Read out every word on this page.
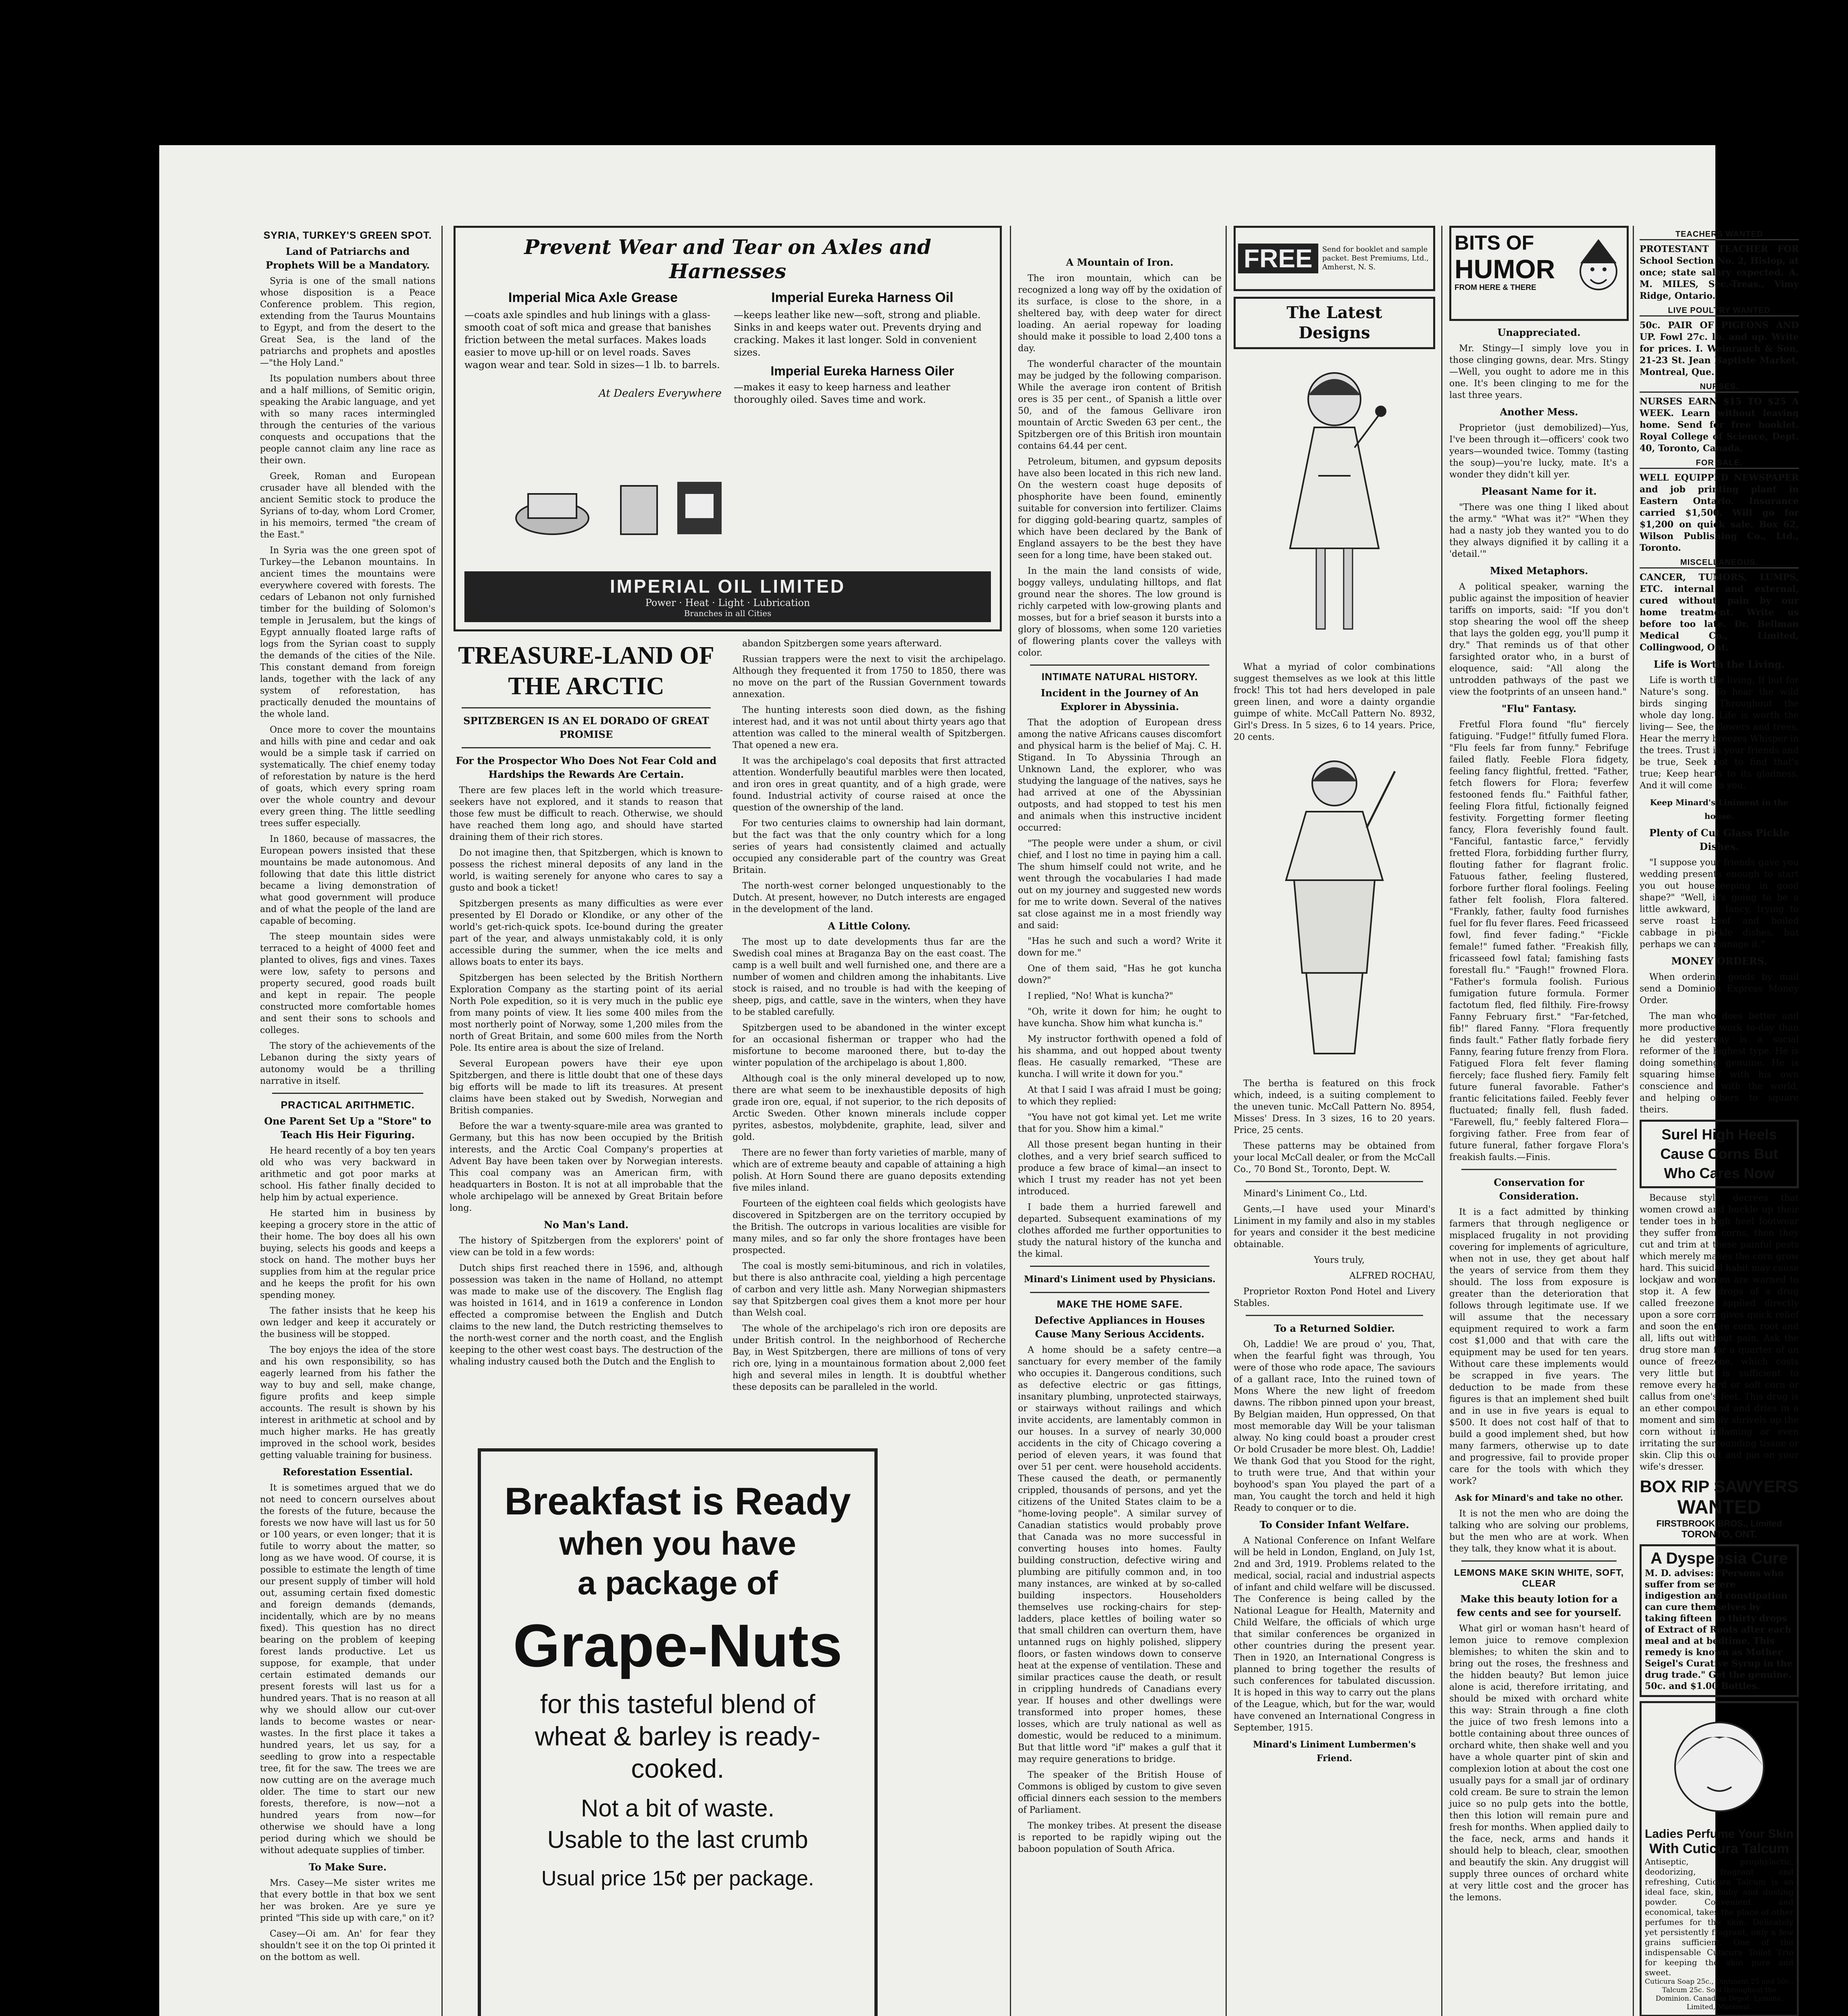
SYRIA, TURKEY'S GREEN SPOT.
Land of Patriarchs and Prophets Will be a Mandatory.

Syria is one of the small nations whose disposition is a Peace Conference problem. This region, extending from the Taurus Mountains to Egypt, and from the desert to the Great Sea, is the land of the patriarchs and prophets and apostles—"the Holy Land."

Its population numbers about three and a half millions, of Semitic origin, speaking the Arabic language, and yet with so many races intermingled through the centuries of the various conquests and occupations that the people cannot claim any line race as their own.

Greek, Roman and European crusader have all blended with the ancient Semitic stock to produce the Syrians of to-day, whom Lord Cromer, in his memoirs, termed "the cream of the East."

In Syria was the one green spot of Turkey—the Lebanon mountains. In ancient times the mountains were everywhere covered with forests. The cedars of Lebanon not only furnished timber for the building of Solomon's temple in Jerusalem, but the kings of Egypt annually floated large rafts of logs from the Syrian coast to supply the demands of the cities of the Nile. This constant demand from foreign lands, together with the lack of any system of reforestation, has practically denuded the mountains of the whole land.

Once more to cover the mountains and hills with pine and cedar and oak would be a simple task if carried on systematically. The chief enemy today of reforestation by nature is the herd of goats, which every spring roam over the whole country and devour every green thing. The little seedling trees suffer especially.

In 1860, because of massacres, the European powers insisted that these mountains be made autonomous. And following that date this little district became a living demonstration of what good government will produce and of what the people of the land are capable of becoming.

The steep mountain sides were terraced to a height of 4000 feet and planted to olives, figs and vines. Taxes were low, safety to persons and property secured, good roads built and kept in repair. The people constructed more comfortable homes and sent their sons to schools and colleges.

The story of the achievements of the Lebanon during the sixty years of autonomy would be a thrilling narrative in itself.

PRACTICAL ARITHMETIC.
One Parent Set Up a "Store" to Teach His Heir Figuring.

He heard recently of a boy ten years old who was very backward in arithmetic and got poor marks at school. His father finally decided to help him by actual experience.

He started him in business by keeping a grocery store in the attic of their home. The boy does all his own buying, selects his goods and keeps a stock on hand. The mother buys her supplies from him at the regular price and he keeps the profit for his own spending money.

The father insists that he keep his own ledger and keep it accurately or the business will be stopped.

The boy enjoys the idea of the store and his own responsibility, so has eagerly learned from his father the way to buy and sell, make change, figure profits and keep simple accounts. The result is shown by his interest in arithmetic at school and by much higher marks. He has greatly improved in the school work, besides getting valuable training for business.

Reforestation Essential.

It is sometimes argued that we do not need to concern ourselves about the forests of the future, because the forests we now have will last us for 50 or 100 years, or even longer; that it is futile to worry about the matter, so long as we have wood. Of course, it is possible to estimate the length of time our present supply of timber will hold out, assuming certain fixed domestic and foreign demands (demands, incidentally, which are by no means fixed). This question has no direct bearing on the problem of keeping forest lands productive. Let us suppose, for example, that under certain estimated demands our present forests will last us for a hundred years. That is no reason at all why we should allow our cut-over lands to become wastes or near-wastes. In the first place it takes a hundred years, let us say, for a seedling to grow into a respectable tree, fit for the saw. The trees we are now cutting are on the average much older. The time to start our new forests, therefore, is now—not a hundred years from now—for otherwise we should have a long period during which we should be without adequate supplies of timber.

To Make Sure.

Mrs. Casey—Me sister writes me that every bottle in that box we sent her was broken. Are ye sure ye printed "This side up with care," on it?

Casey—Oi am. An' for fear they shouldn't see it on the top Oi printed it on the bottom as well.

Prevent Wear and Tear on Axles and Harnesses
Imperial Mica Axle Grease
—coats axle spindles and hub linings with a glass-smooth coat of soft mica and grease that banishes friction between the metal surfaces. Makes loads easier to move up-hill or on level roads. Saves wagon wear and tear. Sold in sizes—1 lb. to barrels.
At Dealers Everywhere
Imperial Eureka Harness Oil
—keeps leather like new—soft, strong and pliable. Sinks in and keeps water out. Prevents drying and cracking. Makes it last longer. Sold in convenient sizes.
Imperial Eureka Harness Oiler
—makes it easy to keep harness and leather thoroughly oiled. Saves time and work.
IMPERIAL OIL LIMITED
Power · Heat · Light · Lubrication
Branches in all Cities
TREASURE-LAND OF THE ARCTIC
SPITZBERGEN IS AN EL DORADO OF GREAT PROMISE
For the Prospector Who Does Not Fear Cold and Hardships the Rewards Are Certain.

There are few places left in the world which treasure-seekers have not explored, and it stands to reason that those few must be difficult to reach. Otherwise, we should have reached them long ago, and should have started draining them of their rich stores.

Do not imagine then, that Spitzbergen, which is known to possess the richest mineral deposits of any land in the world, is waiting serenely for anyone who cares to say a gusto and book a ticket!

Spitzbergen presents as many difficulties as were ever presented by El Dorado or Klondike, or any other of the world's get-rich-quick spots. Ice-bound during the greater part of the year, and always unmistakably cold, it is only accessible during the summer, when the ice melts and allows boats to enter its bays.

Spitzbergen has been selected by the British Northern Exploration Company as the starting point of its aerial North Pole expedition, so it is very much in the public eye from many points of view. It lies some 400 miles from the most northerly point of Norway, some 1,200 miles from the north of Great Britain, and some 600 miles from the North Pole. Its entire area is about the size of Ireland.

Several European powers have their eye upon Spitzbergen, and there is little doubt that one of these days big efforts will be made to lift its treasures. At present claims have been staked out by Swedish, Norwegian and British companies.

Before the war a twenty-square-mile area was granted to Germany, but this has now been occupied by the British interests, and the Arctic Coal Company's properties at Advent Bay have been taken over by Norwegian interests. This coal company was an American firm, with headquarters in Boston. It is not at all improbable that the whole archipelago will be annexed by Great Britain before long.

No Man's Land.

The history of Spitzbergen from the explorers' point of view can be told in a few words:

Dutch ships first reached there in 1596, and, although possession was taken in the name of Holland, no attempt was made to make use of the discovery. The English flag was hoisted in 1614, and in 1619 a conference in London effected a compromise between the English and Dutch claims to the new land, the Dutch restricting themselves to the north-west corner and the north coast, and the English keeping to the other west coast bays. The destruction of the whaling industry caused both the Dutch and the English to

abandon Spitzbergen some years afterward.

Russian trappers were the next to visit the archipelago. Although they frequented it from 1750 to 1850, there was no move on the part of the Russian Government towards annexation.

The hunting interests soon died down, as the fishing interest had, and it was not until about thirty years ago that attention was called to the mineral wealth of Spitzbergen. That opened a new era.

It was the archipelago's coal deposits that first attracted attention. Wonderfully beautiful marbles were then located, and iron ores in great quantity, and of a high grade, were found. Industrial activity of course raised at once the question of the ownership of the land.

For two centuries claims to ownership had lain dormant, but the fact was that the only country which for a long series of years had consistently claimed and actually occupied any considerable part of the country was Great Britain.

The north-west corner belonged unquestionably to the Dutch. At present, however, no Dutch interests are engaged in the development of the land.

A Little Colony.

The most up to date developments thus far are the Swedish coal mines at Braganza Bay on the east coast. The camp is a well built and well furnished one, and there are a number of women and children among the inhabitants. Live stock is raised, and no trouble is had with the keeping of sheep, pigs, and cattle, save in the winters, when they have to be stabled carefully.

Spitzbergen used to be abandoned in the winter except for an occasional fisherman or trapper who had the misfortune to become marooned there, but to-day the winter population of the archipelago is about 1,800.

Although coal is the only mineral developed up to now, there are what seem to be inexhaustible deposits of high grade iron ore, equal, if not superior, to the rich deposits of Arctic Sweden. Other known minerals include copper pyrites, asbestos, molybdenite, graphite, lead, silver and gold.

There are no fewer than forty varieties of marble, many of which are of extreme beauty and capable of attaining a high polish. At Horn Sound there are guano deposits extending five miles inland.

Fourteen of the eighteen coal fields which geologists have discovered in Spitzbergen are on the territory occupied by the British. The outcrops in various localities are visible for many miles, and so far only the shore frontages have been prospected.

The coal is mostly semi-bituminous, and rich in volatiles, but there is also anthracite coal, yielding a high percentage of carbon and very little ash. Many Norwegian shipmasters say that Spitzbergen coal gives them a knot more per hour than Welsh coal.

The whole of the archipelago's rich iron ore deposits are under British control. In the neighborhood of Recherche Bay, in West Spitzbergen, there are millions of tons of very rich ore, lying in a mountainous formation about 2,000 feet high and several miles in length. It is doubtful whether these deposits can be paralleled in the world.

Breakfast is Ready
when you have
a package of
Grape-Nuts
for this tasteful blend of
wheat & barley is ready-
cooked.
Not a bit of waste.
Usable to the last crumb
Usual price 15¢ per package.
A Mountain of Iron.

The iron mountain, which can be recognized a long way off by the oxidation of its surface, is close to the shore, in a sheltered bay, with deep water for direct loading. An aerial ropeway for loading should make it possible to load 2,400 tons a day.

The wonderful character of the mountain may be judged by the following comparison. While the average iron content of British ores is 35 per cent., of Spanish a little over 50, and of the famous Gellivare iron mountain of Arctic Sweden 63 per cent., the Spitzbergen ore of this British iron mountain contains 64.44 per cent.

Petroleum, bitumen, and gypsum deposits have also been located in this rich new land. On the western coast huge deposits of phosphorite have been found, eminently suitable for conversion into fertilizer. Claims for digging gold-bearing quartz, samples of which have been declared by the Bank of England assayers to be the best they have seen for a long time, have been staked out.

In the main the land consists of wide, boggy valleys, undulating hilltops, and flat ground near the shores. The low ground is richly carpeted with low-growing plants and mosses, but for a brief season it bursts into a glory of blossoms, when some 120 varieties of flowering plants cover the valleys with color.

INTIMATE NATURAL HISTORY.
Incident in the Journey of An Explorer in Abyssinia.

That the adoption of European dress among the native Africans causes discomfort and physical harm is the belief of Maj. C. H. Stigand. In To Abyssinia Through an Unknown Land, the explorer, who was studying the language of the natives, says he had arrived at one of the Abyssinian outposts, and had stopped to test his men and animals when this instructive incident occurred:

"The people were under a shum, or civil chief, and I lost no time in paying him a call. The shum himself could not write, and he went through the vocabularies I had made out on my journey and suggested new words for me to write down. Several of the natives sat close against me in a most friendly way and said:

"Has he such and such a word? Write it down for me."

One of them said, "Has he got kuncha down?"

I replied, "No! What is kuncha?"

"Oh, write it down for him; he ought to have kuncha. Show him what kuncha is."

My instructor forthwith opened a fold of his shamma, and out hopped about twenty fleas. He casually remarked, "These are kuncha. I will write it down for you."

At that I said I was afraid I must be going; to which they replied:

"You have not got kimal yet. Let me write that for you. Show him a kimal."

All those present began hunting in their clothes, and a very brief search sufficed to produce a few brace of kimal—an insect to which I trust my reader has not yet been introduced.

I bade them a hurried farewell and departed. Subsequent examinations of my clothes afforded me further opportunities to study the natural history of the kuncha and the kimal.

Minard's Liniment used by Physicians.
MAKE THE HOME SAFE.
Defective Appliances in Houses Cause Many Serious Accidents.

A home should be a safety centre—a sanctuary for every member of the family who occupies it. Dangerous conditions, such as defective electric or gas fittings, insanitary plumbing, unprotected stairways, or stairways without railings and which invite accidents, are lamentably common in our houses. In a survey of nearly 30,000 accidents in the city of Chicago covering a period of eleven years, it was found that over 51 per cent. were household accidents. These caused the death, or permanently crippled, thousands of persons, and yet the citizens of the United States claim to be a "home-loving people". A similar survey of Canadian statistics would probably prove that Canada was no more successful in converting houses into homes. Faulty building construction, defective wiring and plumbing are pitifully common and, in too many instances, are winked at by so-called building inspectors. Householders themselves use rocking-chairs for step-ladders, place kettles of boiling water so that small children can overturn them, have untanned rugs on highly polished, slippery floors, or fasten windows down to conserve heat at the expense of ventilation. These and similar practices cause the death, or result in crippling hundreds of Canadians every year. If houses and other dwellings were transformed into proper homes, these losses, which are truly national as well as domestic, would be reduced to a minimum. But that little word "if" makes a gulf that it may require generations to bridge.

The speaker of the British House of Commons is obliged by custom to give seven official dinners each session to the members of Parliament.

The monkey tribes. At present the disease is reported to be rapidly wiping out the baboon population of South Africa.

FREE	Send for booklet and sample packet. Best Premiums, Ltd., Amherst, N. S.
The Latest Designs

What a myriad of color combinations suggest themselves as we look at this little frock! This tot had hers developed in pale green linen, and wore a dainty organdie guimpe of white. McCall Pattern No. 8932, Girl's Dress. In 5 sizes, 6 to 14 years. Price, 20 cents.

The bertha is featured on this frock which, indeed, is a suiting complement to the uneven tunic. McCall Pattern No. 8954, Misses' Dress. In 3 sizes, 16 to 20 years. Price, 25 cents.

These patterns may be obtained from your local McCall dealer, or from the McCall Co., 70 Bond St., Toronto, Dept. W.

Minard's Liniment Co., Ltd.

Gents,—I have used your Minard's Liniment in my family and also in my stables for years and consider it the best medicine obtainable.

Yours truly,

ALFRED ROCHAU,

Proprietor Roxton Pond Hotel and Livery Stables.

To a Returned Soldier.

Oh, Laddie! We are proud o' you, That, when the fearful fight was through, You were of those who rode apace, The saviours of a gallant race, Into the ruined town of Mons Where the new light of freedom dawns. The ribbon pinned upon your breast, By Belgian maiden, Hun oppressed, On that most memorable day Will be your talisman alway. No king could boast a prouder crest Or bold Crusader be more blest. Oh, Laddie! We thank God that you Stood for the right, to truth were true, And that within your boyhood's span You played the part of a man, You caught the torch and held it high Ready to conquer or to die.

To Consider Infant Welfare.

A National Conference on Infant Welfare will be held in London, England, on July 1st, 2nd and 3rd, 1919. Problems related to the medical, social, racial and industrial aspects of infant and child welfare will be discussed. The Conference is being called by the National League for Health, Maternity and Child Welfare, the officials of which urge that similar conferences be organized in other countries during the present year. Then in 1920, an International Congress is planned to bring together the results of such conferences for tabulated discussion. It is hoped in this way to carry out the plans of the League, which, but for the war, would have convened an International Congress in September, 1915.

Minard's Liniment Lumbermen's Friend.
BITS OF
HUMOR
FROM HERE & THERE
Unappreciated.

Mr. Stingy—I simply love you in those clinging gowns, dear. Mrs. Stingy—Well, you ought to adore me in this one. It's been clinging to me for the last three years.

Another Mess.

Proprietor (just demobilized)—Yus, I've been through it—officers' cook two years—wounded twice. Tommy (tasting the soup)—you're lucky, mate. It's a wonder they didn't kill yer.

Pleasant Name for it.

"There was one thing I liked about the army." "What was it?" "When they had a nasty job they wanted you to do they always dignified it by calling it a 'detail.'"

Mixed Metaphors.

A political speaker, warning the public against the imposition of heavier tariffs on imports, said: "If you don't stop shearing the wool off the sheep that lays the golden egg, you'll pump it dry." That reminds us of that other farsighted orator who, in a burst of eloquence, said: "All along the untrodden pathways of the past we view the footprints of an unseen hand."

"Flu" Fantasy.

Fretful Flora found "flu" fiercely fatiguing. "Fudge!" fitfully fumed Flora. "Flu feels far from funny." Febrifuge failed flatly. Feeble Flora fidgety, feeling fancy flightful, fretted. "Father, fetch flowers for Flora; feverfew festooned fends flu." Faithful father, feeling Flora fitful, fictionally feigned festivity. Forgetting former fleeting fancy, Flora feverishly found fault. "Fanciful, fantastic farce," fervidly fretted Flora, forbidding further flurry, flouting father for flagrant frolic. Fatuous father, feeling flustered, forbore further floral foolings. Feeling father felt foolish, Flora faltered. "Frankly, father, faulty food furnishes fuel for flu fever flares. Feed fricasseed fowl, find fever fading." "Fickle female!" fumed father. "Freakish filly, fricasseed fowl fatal; famishing fasts forestall flu." "Faugh!" frowned Flora. "Father's formula foolish. Furious fumigation future formula. Former factotum fled, fled filthily. Fire-frowsy Fanny February first." "Far-fetched, fib!" flared Fanny. "Flora frequently finds fault." Father flatly forbade fiery Fanny, fearing future frenzy from Flora. Fatigued Flora felt fever flaming fiercely; face flushed fiery. Family felt future funeral favorable. Father's frantic felicitations failed. Feebly fever fluctuated; finally fell, flush faded. "Farewell, flu," feebly faltered Flora—forgiving father. Free from fear of future funeral, father forgave Flora's freakish faults.—Finis.

Conservation for Consideration.

It is a fact admitted by thinking farmers that through negligence or misplaced frugality in not providing covering for implements of agriculture, when not in use, they get about half the years of service from them they should. The loss from exposure is greater than the deterioration that follows through legitimate use. If we will assume that the necessary equipment required to work a farm cost $1,000 and that with care the equipment may be used for ten years. Without care these implements would be scrapped in five years. The deduction to be made from these figures is that an implement shed built and in use in five years is equal to $500. It does not cost half of that to build a good implement shed, but how many farmers, otherwise up to date and progressive, fail to provide proper care for the tools with which they work?

Ask for Minard's and take no other.

It is not the men who are doing the talking who are solving our problems, but the men who are at work. When they talk, they know what it is about.

LEMONS MAKE SKIN WHITE, SOFT, CLEAR
Make this beauty lotion for a few cents and see for yourself.

What girl or woman hasn't heard of lemon juice to remove complexion blemishes; to whiten the skin and to bring out the roses, the freshness and the hidden beauty? But lemon juice alone is acid, therefore irritating, and should be mixed with orchard white this way: Strain through a fine cloth the juice of two fresh lemons into a bottle containing about three ounces of orchard white, then shake well and you have a whole quarter pint of skin and complexion lotion at about the cost one usually pays for a small jar of ordinary cold cream. Be sure to strain the lemon juice so no pulp gets into the bottle, then this lotion will remain pure and fresh for months. When applied daily to the face, neck, arms and hands it should help to bleach, clear, smoothen and beautify the skin. Any druggist will supply three ounces of orchard white at very little cost and the grocer has the lemons.

TEACHERS WANTED

PROTESTANT TEACHER FOR School Section No. 2, Hislop, at once; state salary expected. A. M. MILES, Sec.-Treas., Vimy Ridge, Ontario.

LIVE POULTRY WANTED

50c. PAIR OF PIGEONS AND UP. Fowl 27c. lb. and up. Write for prices. I. Weinrauch & Son, 21-23 St. Jean Baptiste Market, Montreal, Que.

NURSES.

NURSES EARN $15 TO $25 A WEEK. Learn without leaving home. Send for free booklet. Royal College of Science, Dept. 40, Toronto, Canada.

FOR SALE.

WELL EQUIPPED NEWSPAPER and job printing plant in Eastern Ontario. Insurance carried $1,500. Will go for $1,200 on quick sale. Box 62, Wilson Publishing Co., Ltd., Toronto.

MISCELLANEOUS.

CANCER, TUMORS, LUMPS, ETC. internal and external, cured without pain by our home treatment. Write us before too late. Dr. Bellman Medical Co., Limited, Collingwood, Ont.

Life is Worth the Living.

Life is worth the living, If but for Nature's song. To hear the wild birds singing Throughout the whole day long. Life is worth the living— See, the flowers and trees, Hear the merry breezes Whisper in the trees. Trust in your friends and be true, Seek not to find that's true; Keep hearts to its gladness, And it will come to you.

Keep Minard's Liniment in the house.
Plenty of Cut Glass Pickle Dishes.

"I suppose your friends gave you wedding presents enough to start you out housekeeping in good shape?" "Well, it's going to be a little awkward, I fancy, trying to serve roast beef and boiled cabbage in pickle dishes, but perhaps we can manage it."

MONEY ORDERS.

When ordering goods by mail send a Dominion Express Money Order.

The man who does better and more productive work to-day than he did yesterday is a social reformer of the highest type. He is doing something genuine. He is squaring himself with his own conscience and with the world, and helping others to square theirs.

Surel High Heels
Cause Corns But
Who Cares Now

Because style decrees that women crowd and buckle up their tender toes in high heel footwear they suffer from corns, then they cut and trim at these painful pests which merely makes the corn grow hard. This suicidal habit may cause lockjaw and women are warned to stop it. A few drops of a drug called freezone applied directly upon a sore corn gives quick relief and soon the entire corn, root and all, lifts out without pain. Ask the drug store man for a quarter of an ounce of freezone, which costs very little but is sufficient to remove every hard or soft corn or callus from one's feet. This drug is an ether compound and dries in a moment and simply shrivels up the corn without inflaming or even irritating the surrounding tissue or skin. Clip this out and pin on your wife's dresser.

BOX RIP SAWYERS
WANTED
FIRSTBROOK BROS., Limited
TORONTO, ONT.
A Dyspepsia Cure
M. D. advises: "Persons who suffer from severe indigestion and constipation can cure themselves by taking fifteen to thirty drops of Extract of Roots after each meal and at bedtime. This remedy is known as Mother Seigel's Curative Syrup in the drug trade." Get the genuine. 50c. and $1.00 Bottles.
Ladies Perfume Your Skin
With Cuticura Talcum
Antiseptic, prophylactic, deodorizing, fragrant and refreshing, Cuticura Talcum is an ideal face, skin, baby and dusting powder. Convenient and economical, takes the place of other perfumes for the skin. Delicately yet persistently fragrant, only a few grains sufficient. One of the indispensable Cuticura Toilet Trio for keeping the skin pure and sweet.
Cuticura Soap 25c., Ointment 25 and 50c., Talcum 25c. Sold throughout the Dominion. Canadian Depot: Lymans, Limited, Montreal.
